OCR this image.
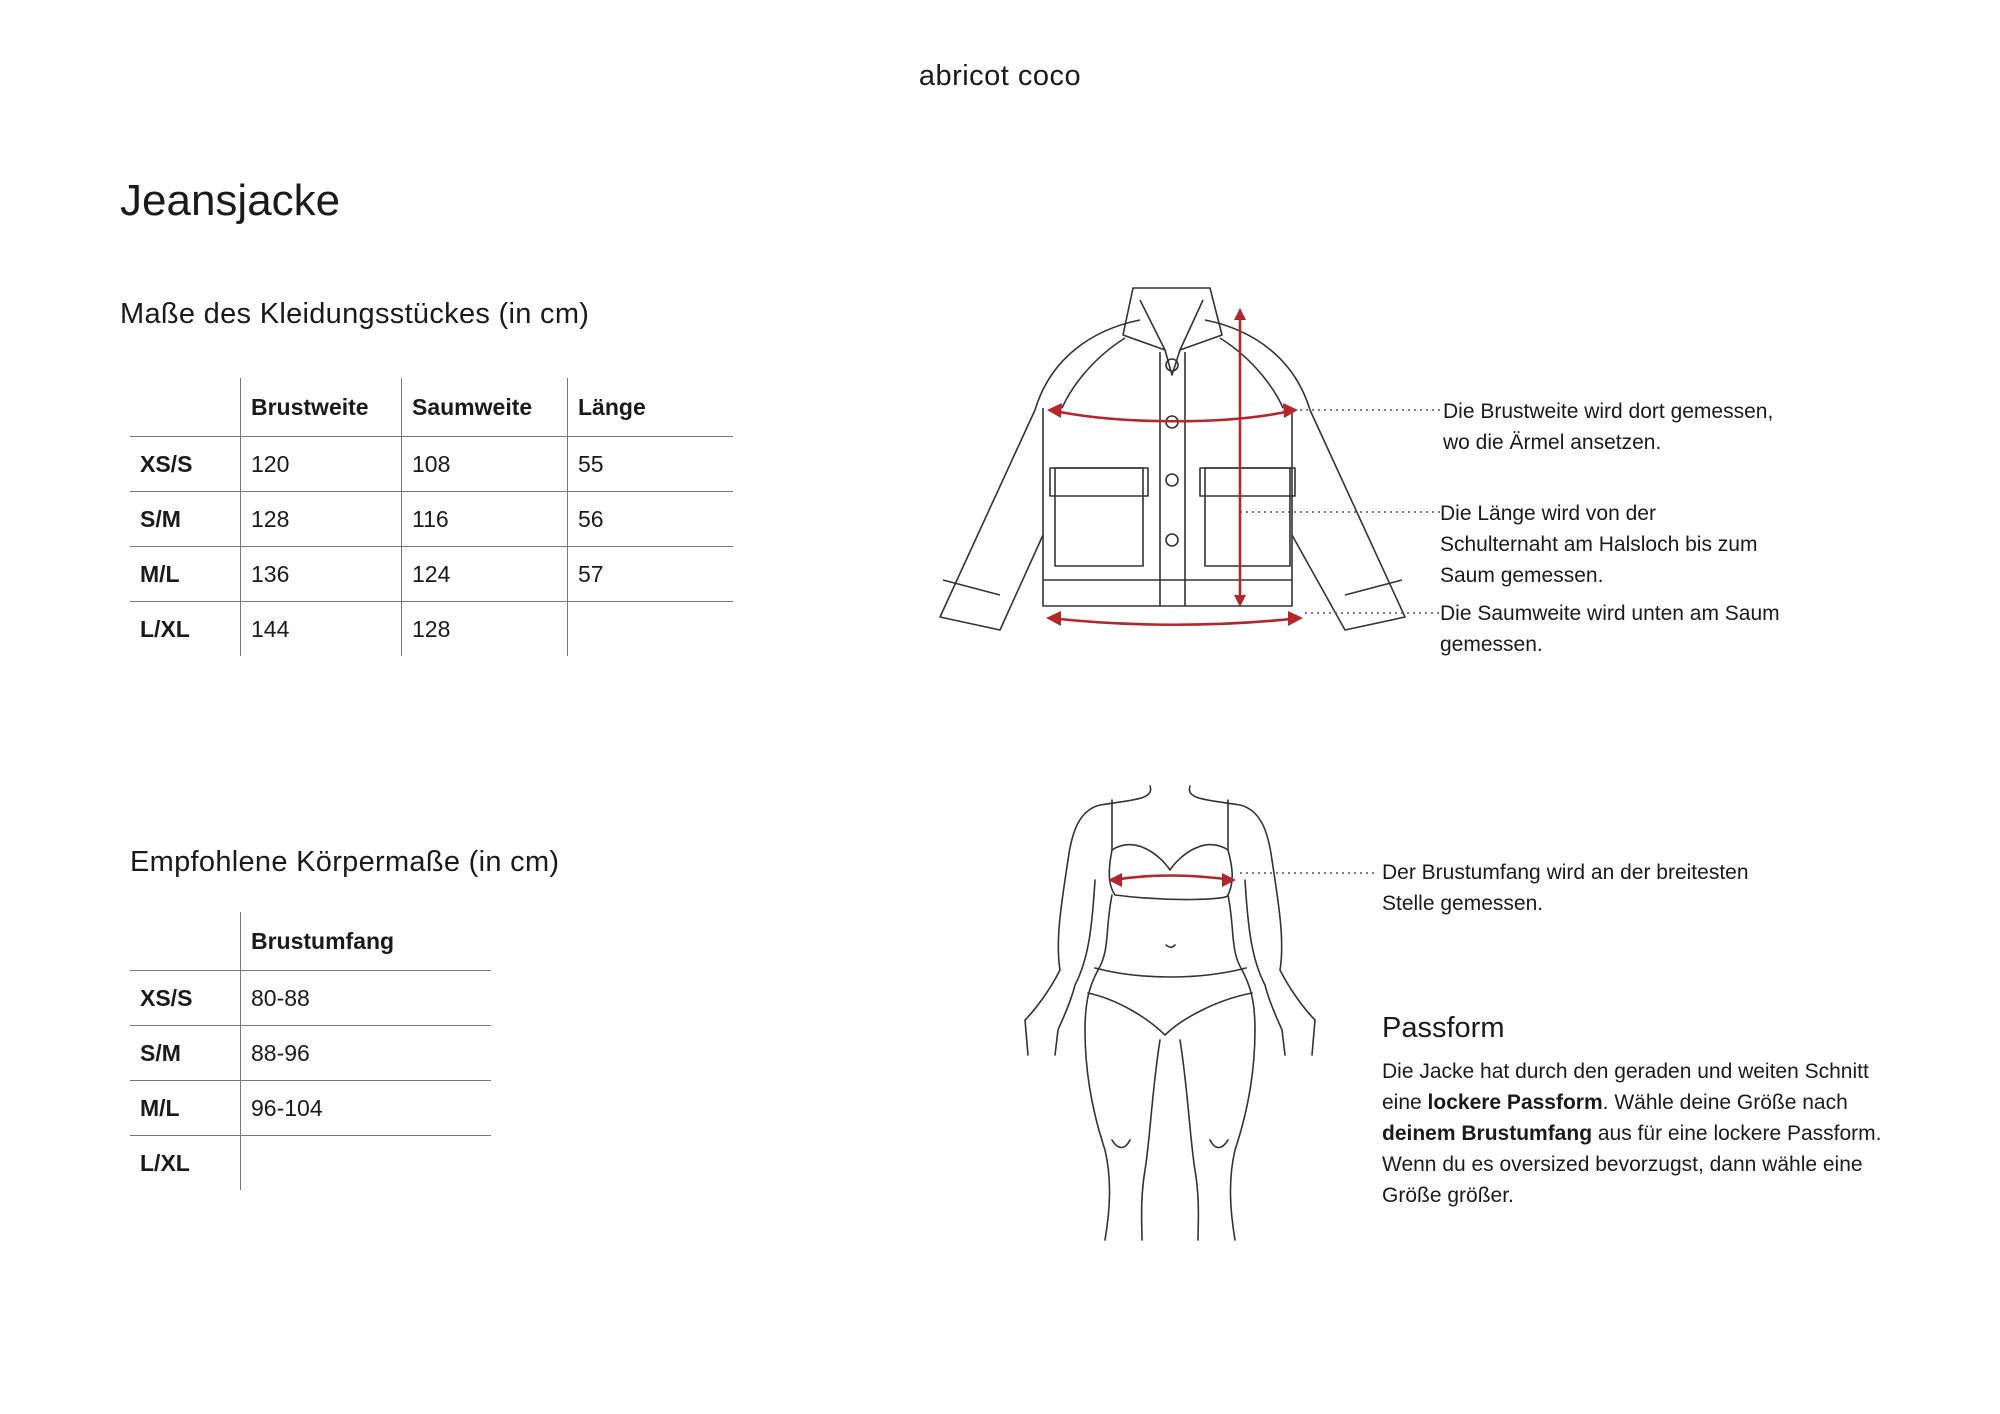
abricot coco
Jeansjacke
Maße des Kleidungsstückes (in cm)
	Brustweite	Saumweite	Länge
XS/S	120	108	55
S/M	128	116	56
M/L	136	124	57
L/XL	144	128	
Empfohlene Körpermaße (in cm)
	Brustumfang
XS/S	80-88
S/M	88-96
M/L	96-104
L/XL	

Die Brustweite wird dort gemessen,

wo die Ärmel ansetzen.

Die Länge wird von der

Schulternaht am Halsloch bis zum

Saum gemessen.

Die Saumweite wird unten am Saum

gemessen.

Der Brustumfang wird an der breitesten

Stelle gemessen.

Passform
Die Jacke hat durch den geraden und weiten Schnitt eine lockere Passform. Wähle deine Größe nach deinem Brustumfang aus für eine lockere Passform. Wenn du es oversized bevorzugst, dann wähle eine Größe größer.
